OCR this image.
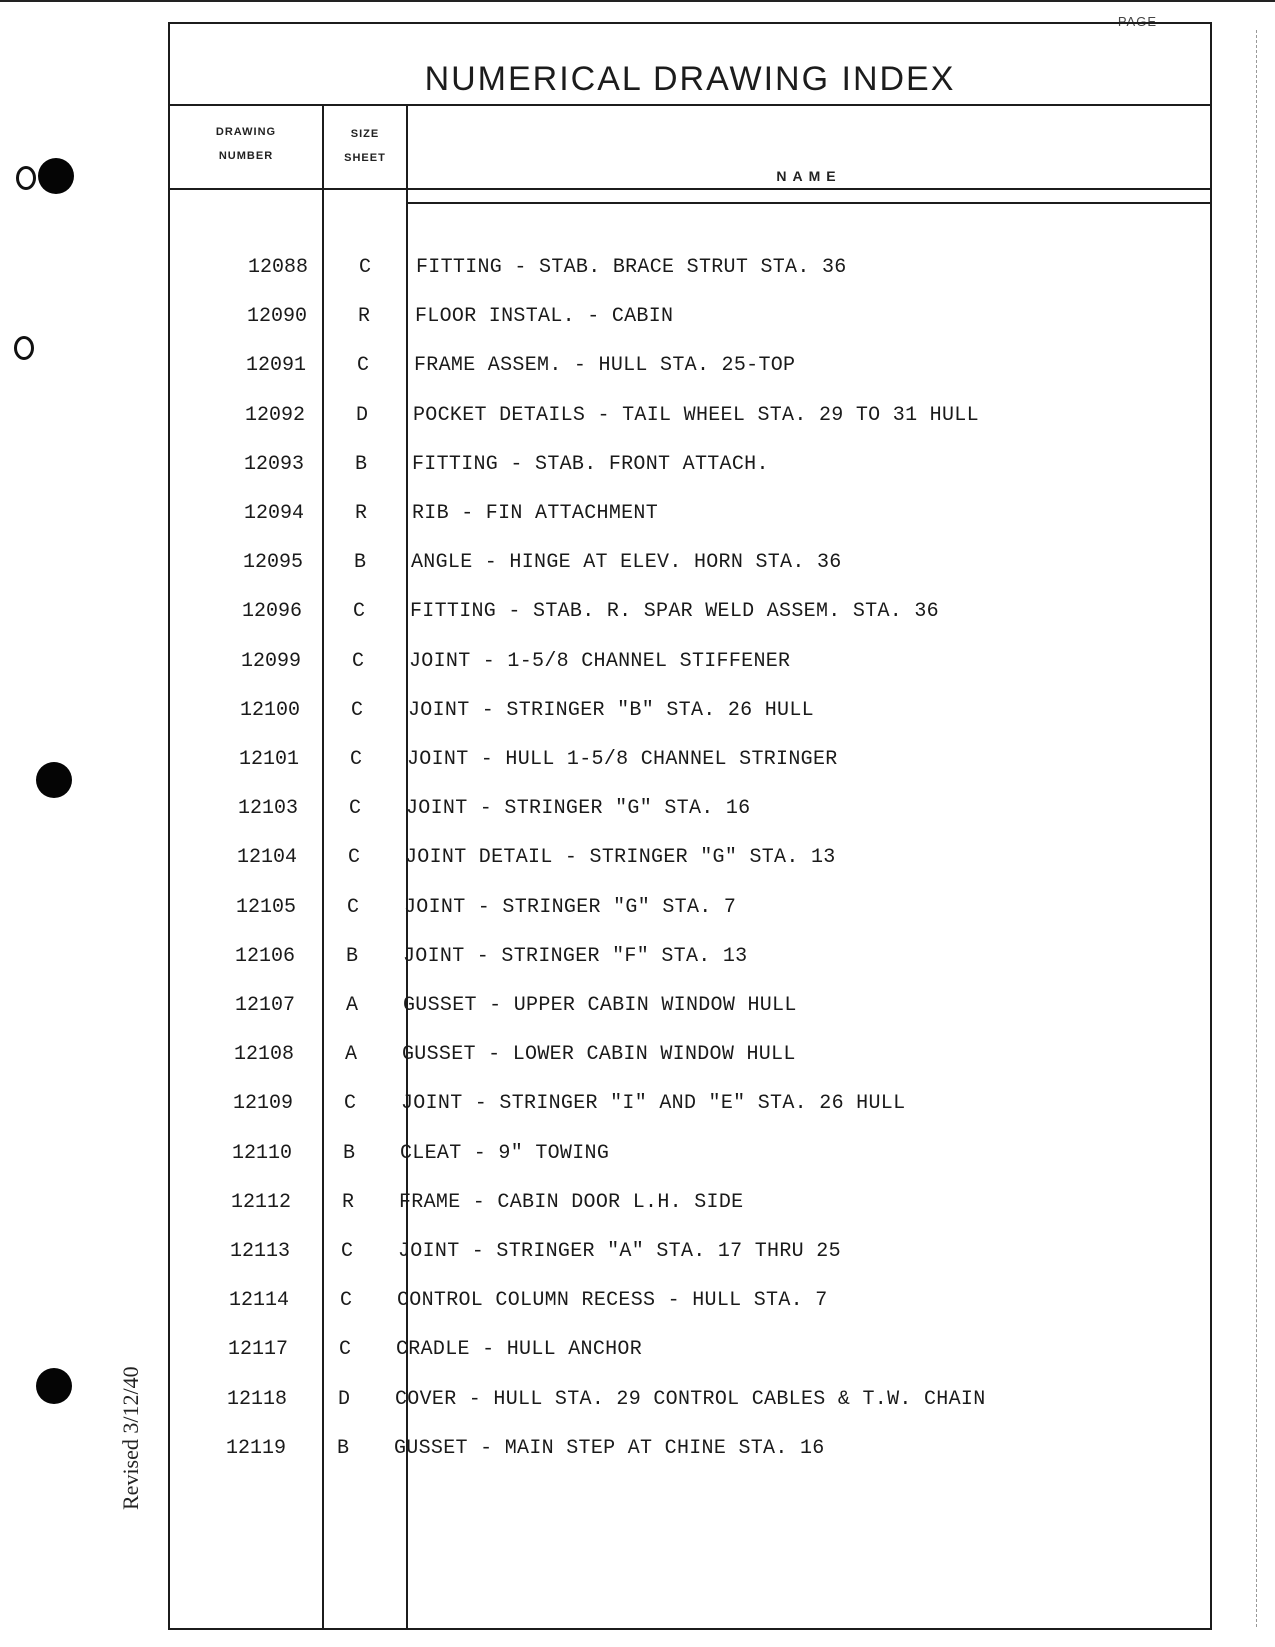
PAGE
Revised 3/12/40
NUMERICAL DRAWING INDEX
DRAWING NUMBER
SIZE SHEET
NAME
12088	C	FITTING - STAB. BRACE STRUT STA. 36
12090	R	FLOOR INSTAL. - CABIN
12091	C	FRAME ASSEM. - HULL STA. 25-TOP
12092	D	POCKET DETAILS - TAIL WHEEL STA. 29 TO 31 HULL
12093	B	FITTING - STAB. FRONT ATTACH.
12094	R	RIB - FIN ATTACHMENT
12095	B	ANGLE - HINGE AT ELEV. HORN STA. 36
12096	C	FITTING - STAB. R. SPAR WELD ASSEM. STA. 36
12099	C	JOINT - 1-5/8 CHANNEL STIFFENER
12100	C	JOINT - STRINGER "B" STA. 26 HULL
12101	C	JOINT - HULL 1-5/8 CHANNEL STRINGER
12103	C	JOINT - STRINGER "G" STA. 16
12104	C	JOINT DETAIL - STRINGER "G" STA. 13
12105	C	JOINT - STRINGER "G" STA. 7
12106	B	JOINT - STRINGER "F" STA. 13
12107	A	GUSSET - UPPER CABIN WINDOW HULL
12108	A	GUSSET - LOWER CABIN WINDOW HULL
12109	C	JOINT - STRINGER "I" AND "E" STA. 26 HULL
12110	B	CLEAT - 9" TOWING
12112	R	FRAME - CABIN DOOR L.H. SIDE
12113	C	JOINT - STRINGER "A" STA. 17 THRU 25
12114	C	CONTROL COLUMN RECESS - HULL STA. 7
12117	C	CRADLE - HULL ANCHOR
12118	D	COVER - HULL STA. 29 CONTROL CABLES & T.W. CHAIN
12119	B	GUSSET - MAIN STEP AT CHINE STA. 16
